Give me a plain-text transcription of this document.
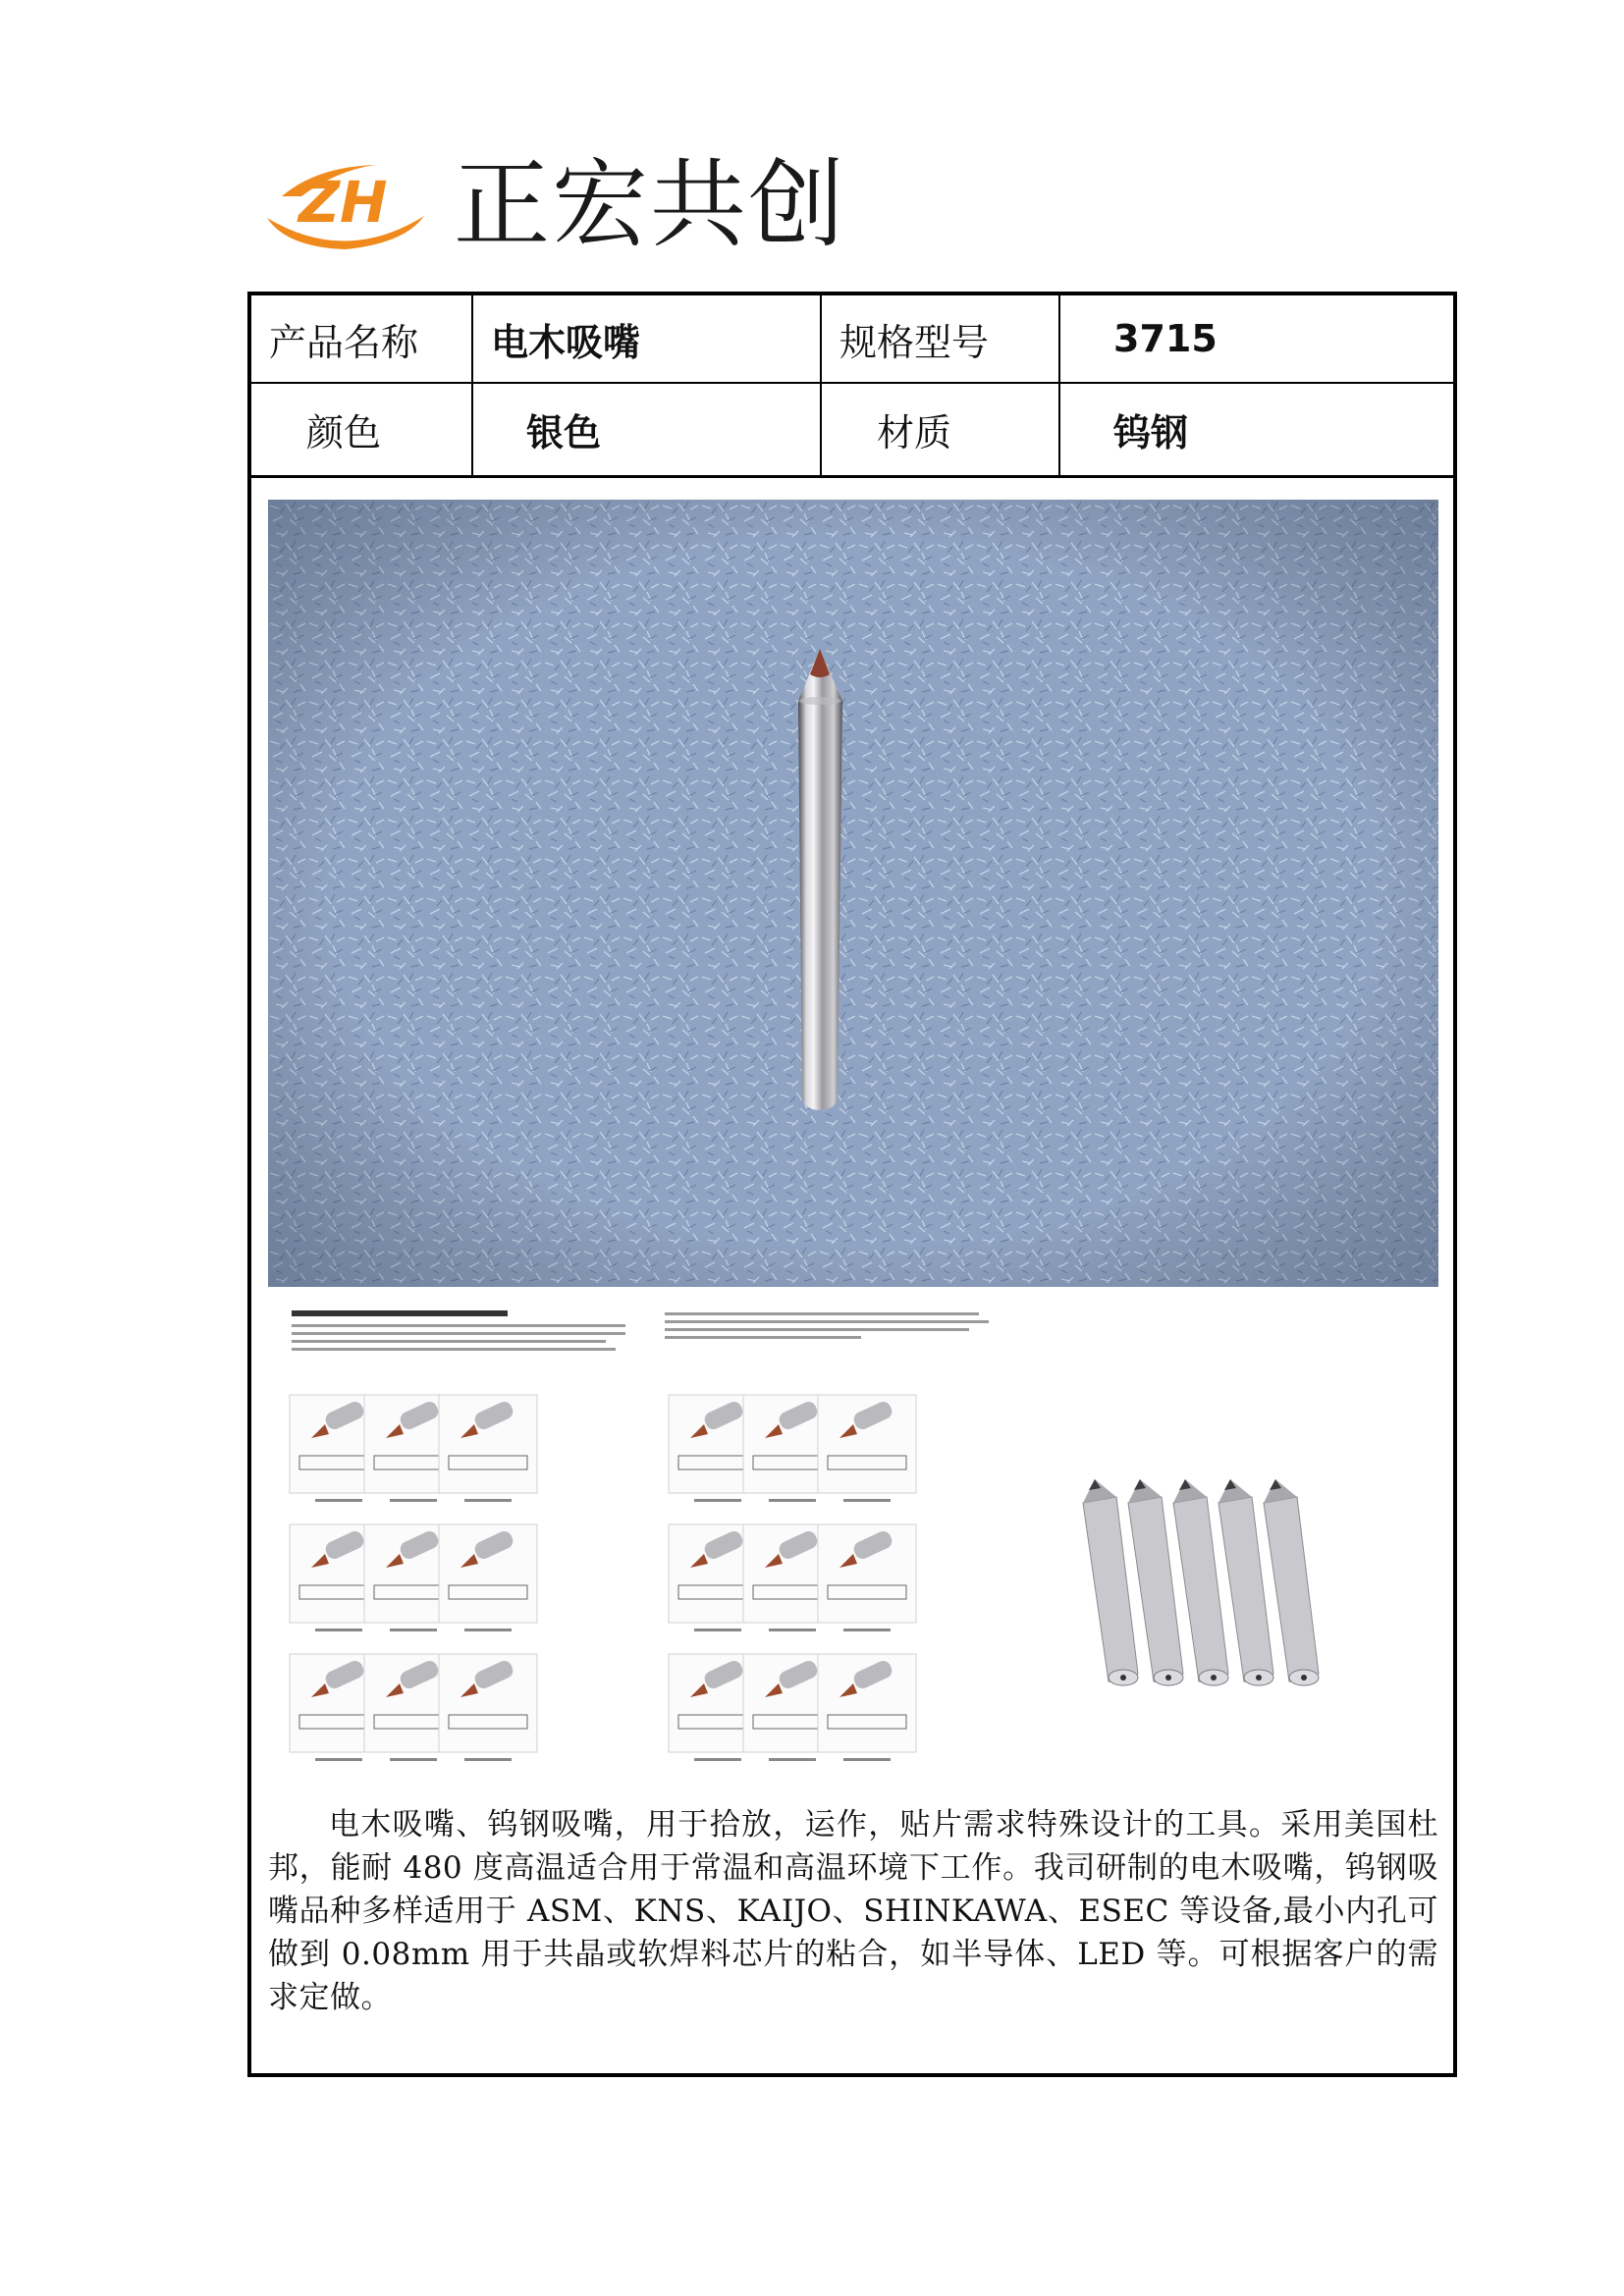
ZH 正宏共创
产品名称	电木吸嘴	规格型号	3715
颜色	银色	材质	钨钢
电木吸嘴、钨钢吸嘴，用于拾放，运作，贴片需求特殊设计的工具。采用美国杜邦，能耐 480 度高温适合用于常温和高温环境下工作。我司研制的电木吸嘴，钨钢吸嘴品种多样适用于 ASM、KNS、KAIJO、SHINKAWA、ESEC 等设备,最小内孔可做到 0.08mm 用于共晶或软焊料芯片的粘合，如半导体、LED 等。可根据客户的需求定做。
